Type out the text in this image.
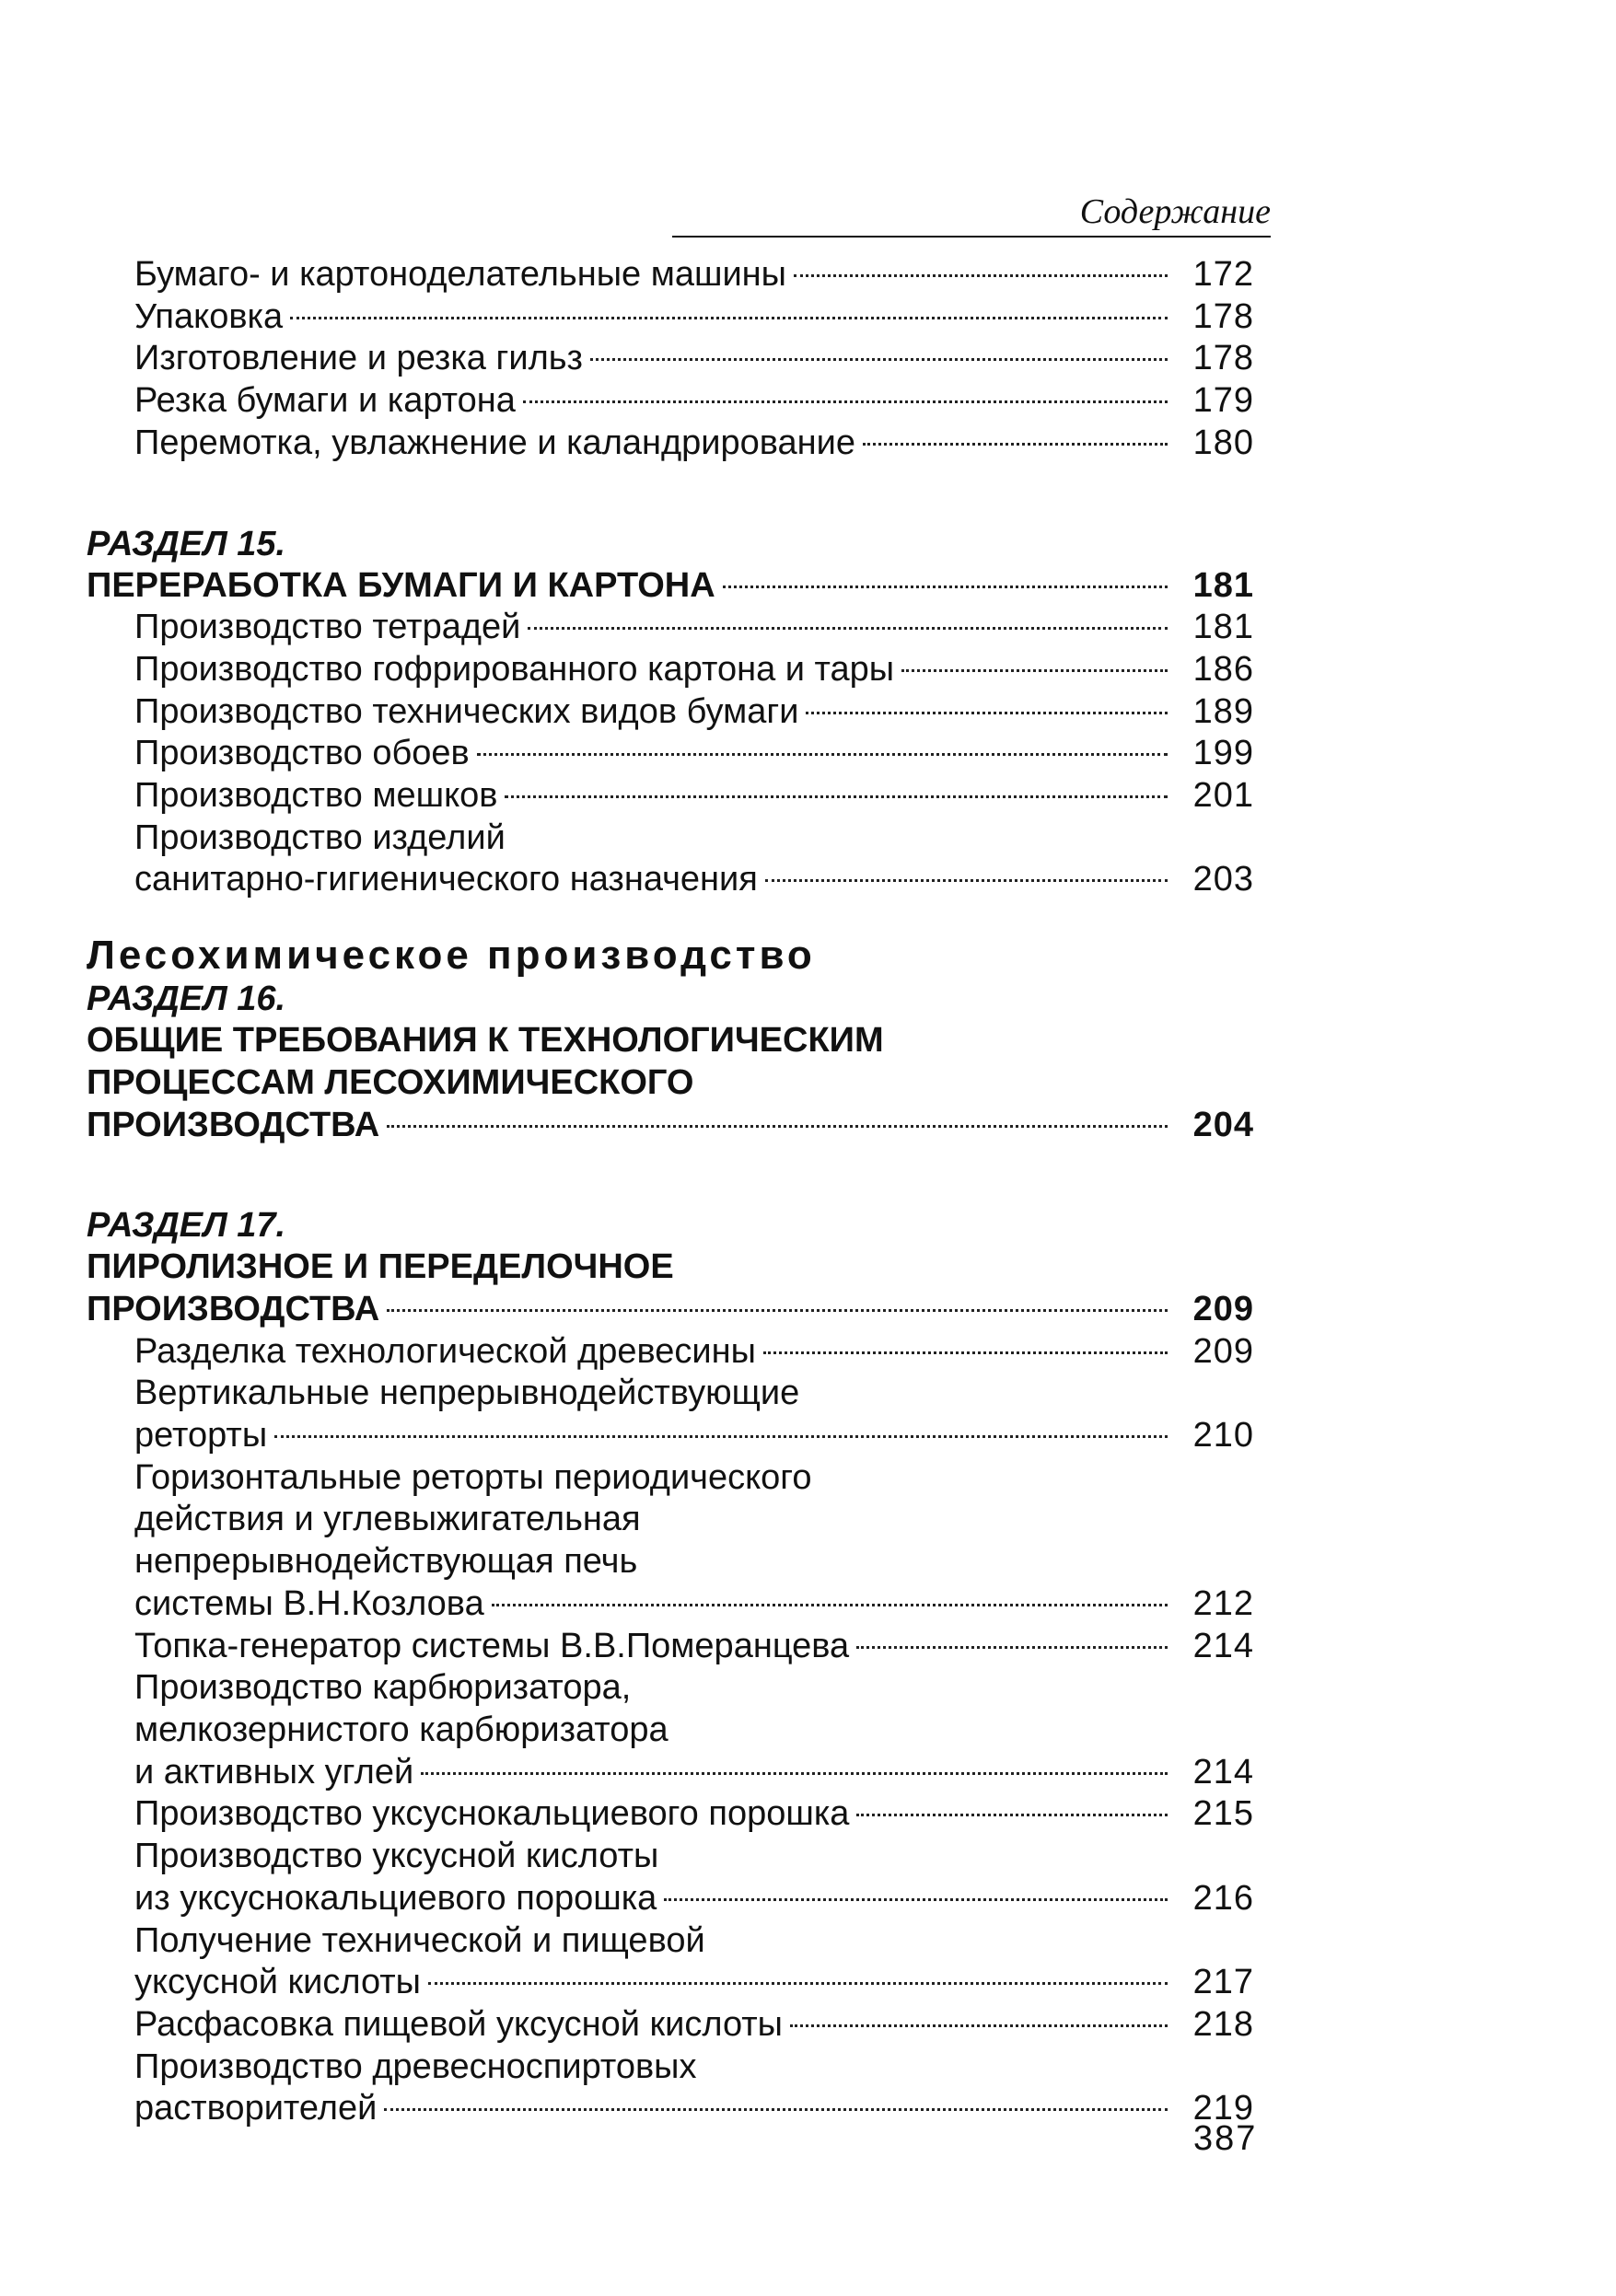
Содержание
Бумаго- и картоноделательные машины	172
Упаковка	178
Изготовление и резка гильз	178
Резка бумаги и картона	179
Перемотка, увлажнение и каландрирование	180
РАЗДЕЛ 15.
ПЕРЕРАБОТКА БУМАГИ И КАРТОНА	181
Производство тетрадей	181
Производство гофрированного картона и тары	186
Производство технических видов бумаги	189
Производство обоев	199
Производство мешков	201
Производство изделий
санитарно-гигиенического назначения	203
Лесохимическое производство
РАЗДЕЛ 16.
ОБЩИЕ ТРЕБОВАНИЯ К ТЕХНОЛОГИЧЕСКИМ
ПРОЦЕССАМ ЛЕСОХИМИЧЕСКОГО
ПРОИЗВОДСТВА	204
РАЗДЕЛ 17.
ПИРОЛИЗНОЕ И ПЕРЕДЕЛОЧНОЕ
ПРОИЗВОДСТВА	209
Разделка технологической древесины	209
Вертикальные непрерывнодействующие
реторты	210
Горизонтальные реторты периодического
действия и углевыжигательная
непрерывнодействующая печь
системы В.Н.Козлова	212
Топка-генератор системы В.В.Померанцева	214
Производство карбюризатора,
мелкозернистого карбюризатора
и активных углей	214
Производство уксуснокальциевого порошка	215
Производство уксусной кислоты
из уксуснокальциевого порошка	216
Получение технической и пищевой
уксусной кислоты	217
Расфасовка пищевой уксусной кислоты	218
Производство древесноспиртовых
растворителей	219
387
